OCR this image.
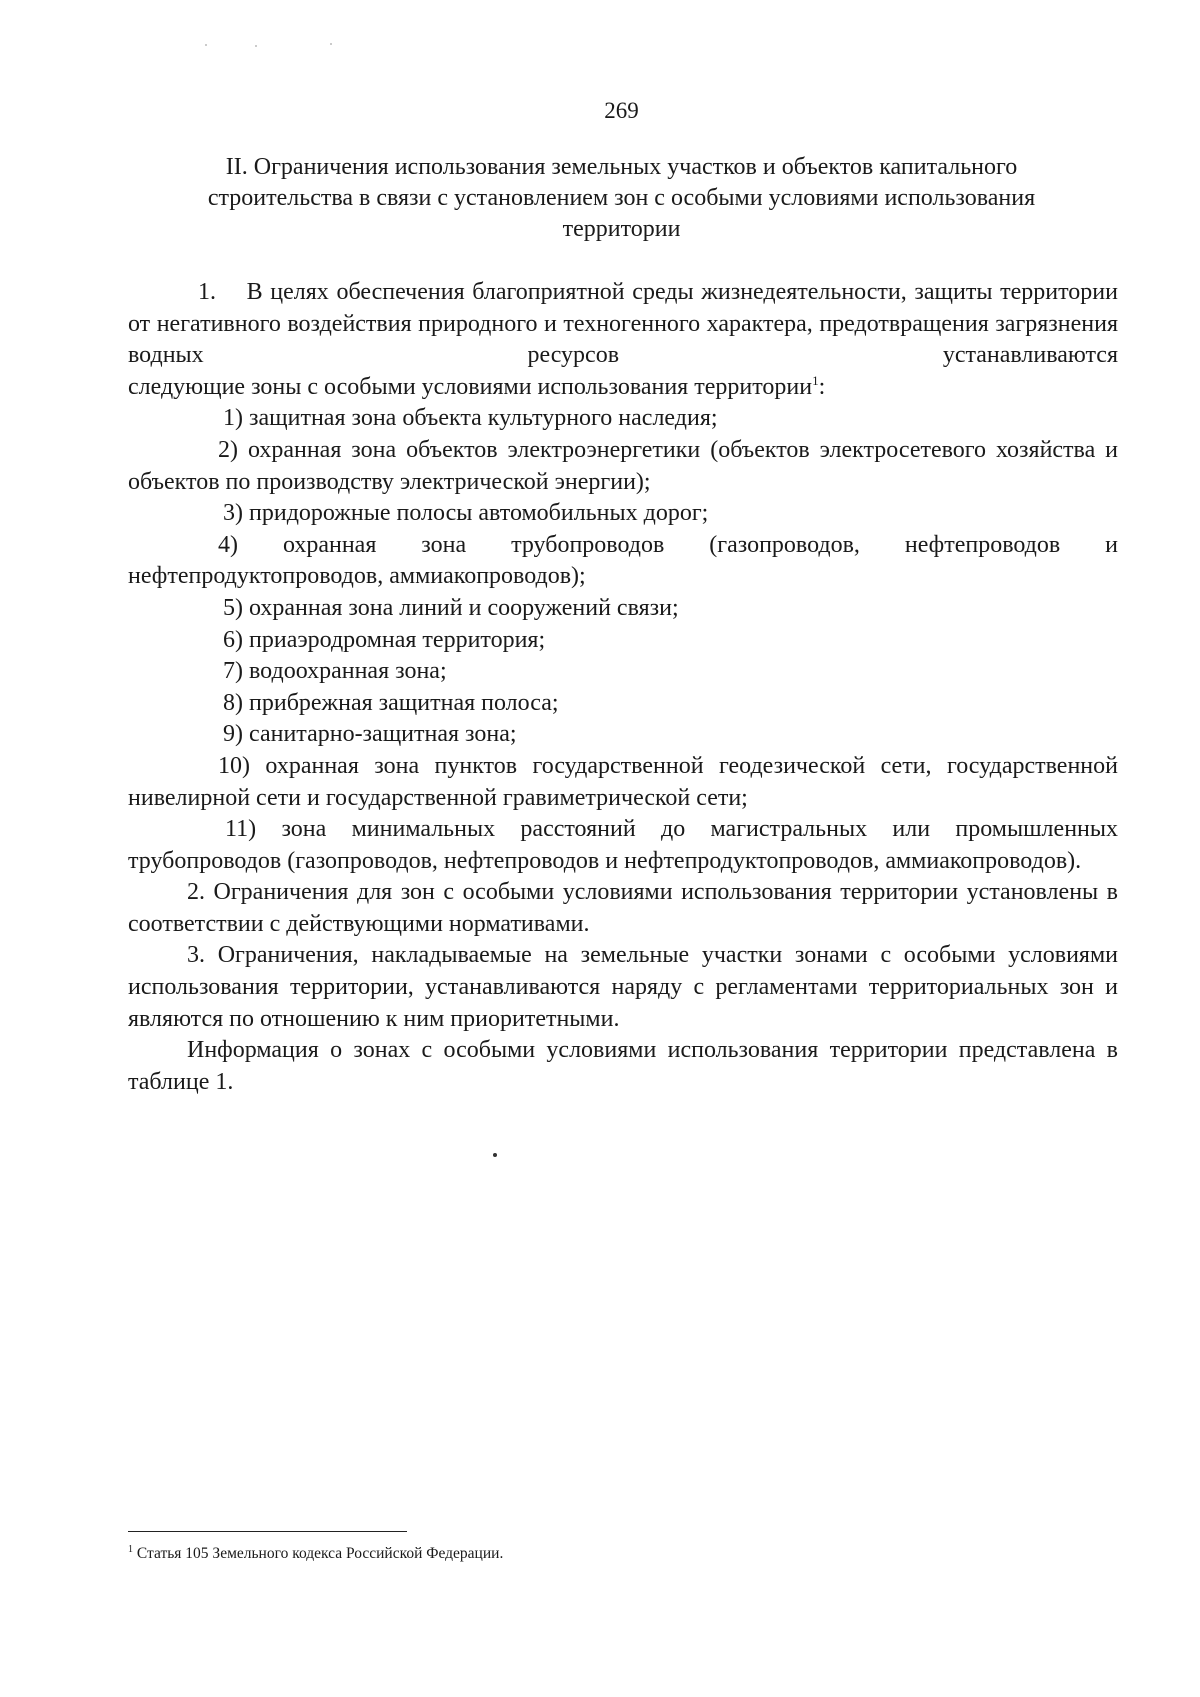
269
II. Ограничения использования земельных участков и объектов капитального строительства в связи с установлением зон с особыми условиями использования территории

1. В целях обеспечения благоприятной среды жизнедеятельности, защиты территории от негативного воздействия природного и техногенного характера, предотвращения загрязнения водных ресурсов устанавливаются

следующие зоны с особыми условиями использования территории$^1$:

1) защитная зона объекта культурного наследия;

2) охранная зона объектов электроэнергетики (объектов электросетевого хозяйства и объектов по производству электрической энергии);

3) придорожные полосы автомобильных дорог;

4) охранная зона трубопроводов (газопроводов, нефтепроводов и нефтепродуктопроводов, аммиакопроводов);

5) охранная зона линий и сооружений связи;

6) приаэродромная территория;

7) водоохранная зона;

8) прибрежная защитная полоса;

9) санитарно-защитная зона;

10) охранная зона пунктов государственной геодезической сети, государственной нивелирной сети и государственной гравиметрической сети;

11) зона минимальных расстояний до магистральных или промышленных трубопроводов (газопроводов, нефтепроводов и нефтепродуктопроводов, аммиакопроводов).

2. Ограничения для зон с особыми условиями использования территории установлены в соответствии с действующими нормативами.

3. Ограничения, накладываемые на земельные участки зонами с особыми условиями использования территории, устанавливаются наряду с регламентами территориальных зон и являются по отношению к ним приоритетными.

Информация о зонах с особыми условиями использования территории представлена в таблице 1.

$^1$ Статья 105 Земельного кодекса Российской Федерации.
